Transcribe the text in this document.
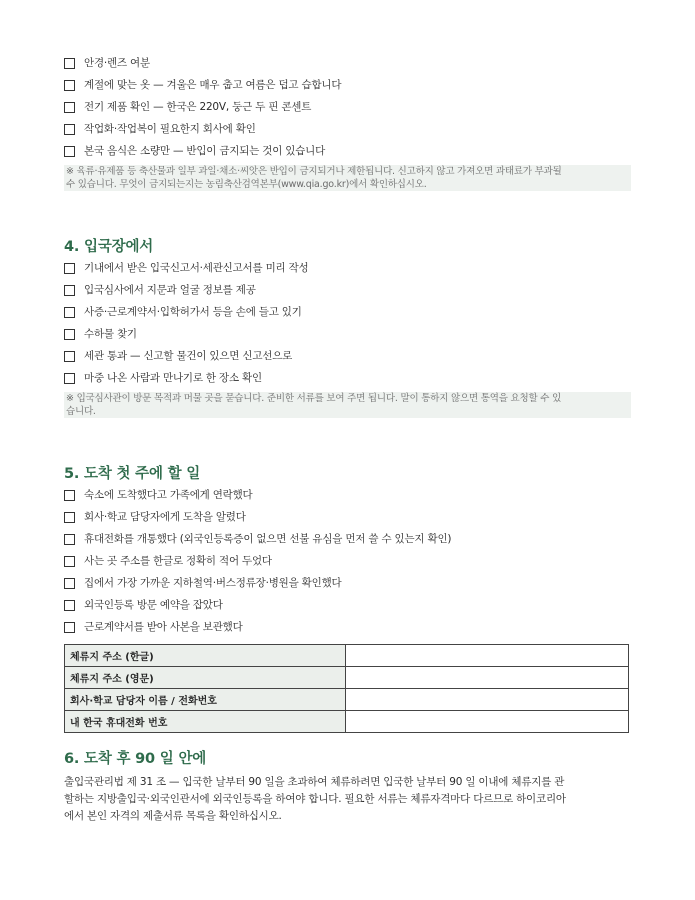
안경·렌즈 여분
계절에 맞는 옷 — 겨울은 매우 춥고 여름은 덥고 습합니다
전기 제품 확인 — 한국은 220V, 둥근 두 핀 콘센트
작업화·작업복이 필요한지 회사에 확인
본국 음식은 소량만 — 반입이 금지되는 것이 있습니다
※ 육류·유제품 등 축산물과 일부 과일·채소·씨앗은 반입이 금지되거나 제한됩니다. 신고하지 않고 가져오면 과태료가 부과될
수 있습니다. 무엇이 금지되는지는 농림축산검역본부(www.qia.go.kr)에서 확인하십시오.
4. 입국장에서
기내에서 받은 입국신고서·세관신고서를 미리 작성
입국심사에서 지문과 얼굴 정보를 제공
사증·근로계약서·입학허가서 등을 손에 들고 있기
수하물 찾기
세관 통과 — 신고할 물건이 있으면 신고선으로
마중 나온 사람과 만나기로 한 장소 확인
※ 입국심사관이 방문 목적과 머물 곳을 묻습니다. 준비한 서류를 보여 주면 됩니다. 말이 통하지 않으면 통역을 요청할 수 있
습니다.
5. 도착 첫 주에 할 일
숙소에 도착했다고 가족에게 연락했다
회사·학교 담당자에게 도착을 알렸다
휴대전화를 개통했다 (외국인등록증이 없으면 선불 유심을 먼저 쓸 수 있는지 확인)
사는 곳 주소를 한글로 정확히 적어 두었다
집에서 가장 가까운 지하철역·버스정류장·병원을 확인했다
외국인등록 방문 예약을 잡았다
근로계약서를 받아 사본을 보관했다
체류지 주소 (한글)	
체류지 주소 (영문)	
회사·학교 담당자 이름 / 전화번호	
내 한국 휴대전화 번호	
6. 도착 후 90 일 안에
출입국관리법 제 31 조 — 입국한 날부터 90 일을 초과하여 체류하려면 입국한 날부터 90 일 이내에 체류지를 관
할하는 지방출입국·외국인관서에 외국인등록을 하여야 합니다. 필요한 서류는 체류자격마다 다르므로 하이코리아
에서 본인 자격의 제출서류 목록을 확인하십시오.
